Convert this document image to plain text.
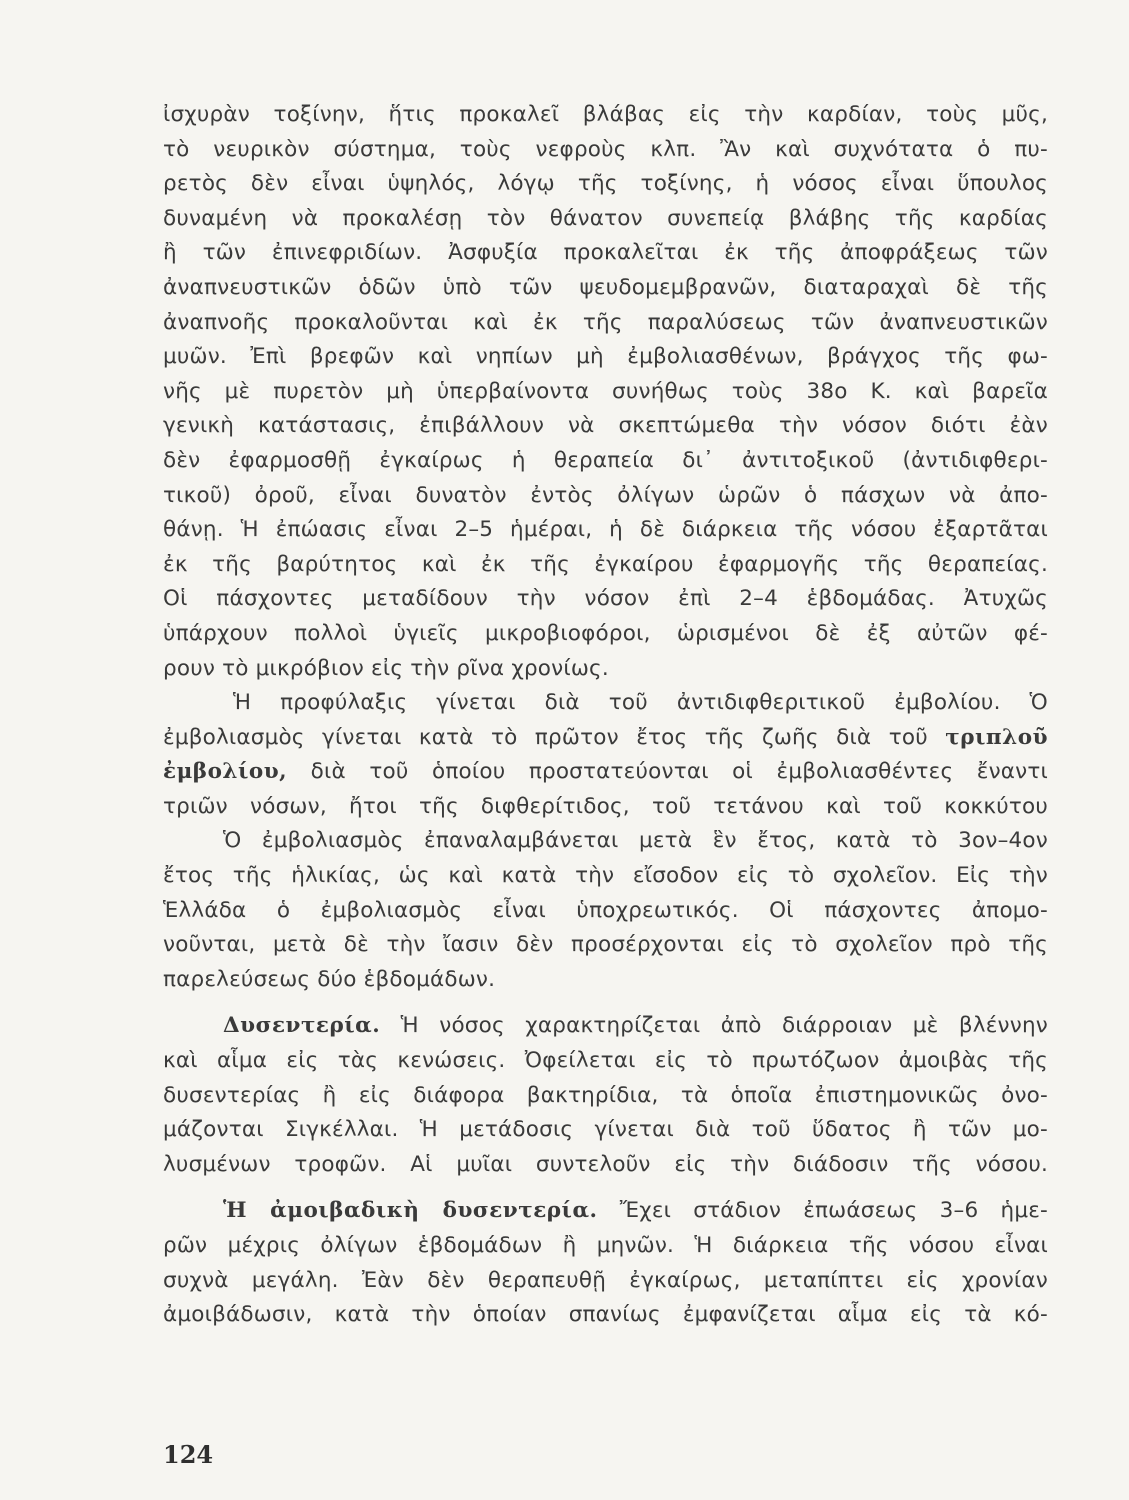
ἰσχυρὰν τοξίνην, ἥτις προκαλεῖ βλάβας εἰς τὴν καρδίαν, τοὺς μῦς,
τὸ νευρικὸν σύστημα, τοὺς νεφροὺς κλπ. Ἂν καὶ συχνότατα ὁ πυ-
ρετὸς δὲν εἶναι ὑψηλός, λόγῳ τῆς τοξίνης, ἡ νόσος εἶναι ὕπουλος
δυναμένη νὰ προκαλέσῃ τὸν θάνατον συνεπείᾳ βλάβης τῆς καρδίας
ἢ τῶν ἐπινεφριδίων. Ἀσφυξία προκαλεῖται ἐκ τῆς ἀποφράξεως τῶν
ἀναπνευστικῶν ὁδῶν ὑπὸ τῶν ψευδομεμβρανῶν, διαταραχαὶ δὲ τῆς
ἀναπνοῆς προκαλοῦνται καὶ ἐκ τῆς παραλύσεως τῶν ἀναπνευστικῶν
μυῶν. Ἐπὶ βρεφῶν καὶ νηπίων μὴ ἐμβολιασθένων, βράγχος τῆς φω-
νῆς μὲ πυρετὸν μὴ ὑπερβαίνοντα συνήθως τοὺς 38ο Κ. καὶ βαρεῖα
γενικὴ κατάστασις, ἐπιβάλλουν νὰ σκεπτώμεθα τὴν νόσον διότι ἐὰν
δὲν ἐφαρμοσθῇ ἐγκαίρως ἡ θεραπεία δι᾽ ἀντιτοξικοῦ (ἀντιδιφθερι-
τικοῦ) ὀροῦ, εἶναι δυνατὸν ἐντὸς ὀλίγων ὡρῶν ὁ πάσχων νὰ ἀπο-
θάνῃ. Ἡ ἐπώασις εἶναι 2–5 ἡμέραι, ἡ δὲ διάρκεια τῆς νόσου ἐξαρτᾶται
ἐκ τῆς βαρύτητος καὶ ἐκ τῆς ἐγκαίρου ἐφαρμογῆς τῆς θεραπείας.
Οἱ πάσχοντες μεταδίδουν τὴν νόσον ἐπὶ 2–4 ἑβδομάδας. Ἀτυχῶς
ὑπάρχουν πολλοὶ ὑγιεῖς μικροβιοφόροι, ὡρισμένοι δὲ ἐξ αὐτῶν φέ-
ρουν τὸ μικρόβιον εἰς τὴν ρῖνα χρονίως.
Ἡ προφύλαξις γίνεται διὰ τοῦ ἀντιδιφθεριτικοῦ ἐμβολίου. Ὁ
ἐμβολιασμὸς γίνεται κατὰ τὸ πρῶτον ἔτος τῆς ζωῆς διὰ τοῦ τριπλοῦ
ἐμβολίου, διὰ τοῦ ὁποίου προστατεύονται οἱ ἐμβολιασθέντες ἔναντι
τριῶν νόσων, ἤτοι τῆς διφθερίτιδος, τοῦ τετάνου καὶ τοῦ κοκκύτου
Ὁ ἐμβολιασμὸς ἐπαναλαμβάνεται μετὰ ἓν ἔτος, κατὰ τὸ 3ον–4ον
ἔτος τῆς ἡλικίας, ὡς καὶ κατὰ τὴν εἴσοδον εἰς τὸ σχολεῖον. Εἰς τὴν
Ἑλλάδα ὁ ἐμβολιασμὸς εἶναι ὑποχρεωτικός. Οἱ πάσχοντες ἀπομο-
νοῦνται, μετὰ δὲ τὴν ἴασιν δὲν προσέρχονται εἰς τὸ σχολεῖον πρὸ τῆς
παρελεύσεως δύο ἑβδομάδων.
Δυσεντερία. Ἡ νόσος χαρακτηρίζεται ἀπὸ διάρροιαν μὲ βλέννην
καὶ αἷμα εἰς τὰς κενώσεις. Ὀφείλεται εἰς τὸ πρωτόζωον ἀμοιβὰς τῆς
δυσεντερίας ἢ εἰς διάφορα βακτηρίδια, τὰ ὁποῖα ἐπιστημονικῶς ὀνο-
μάζονται Σιγκέλλαι. Ἡ μετάδοσις γίνεται διὰ τοῦ ὕδατος ἢ τῶν μο-
λυσμένων τροφῶν. Αἱ μυῖαι συντελοῦν εἰς τὴν διάδοσιν τῆς νόσου.
Ἡ ἀμοιβαδικὴ δυσεντερία. Ἔχει στάδιον ἐπωάσεως 3–6 ἡμε-
ρῶν μέχρις ὀλίγων ἑβδομάδων ἢ μηνῶν. Ἡ διάρκεια τῆς νόσου εἶναι
συχνὰ μεγάλη. Ἐὰν δὲν θεραπευθῇ ἐγκαίρως, μεταπίπτει εἰς χρονίαν
ἀμοιβάδωσιν, κατὰ τὴν ὁποίαν σπανίως ἐμφανίζεται αἷμα εἰς τὰ κό-
124
